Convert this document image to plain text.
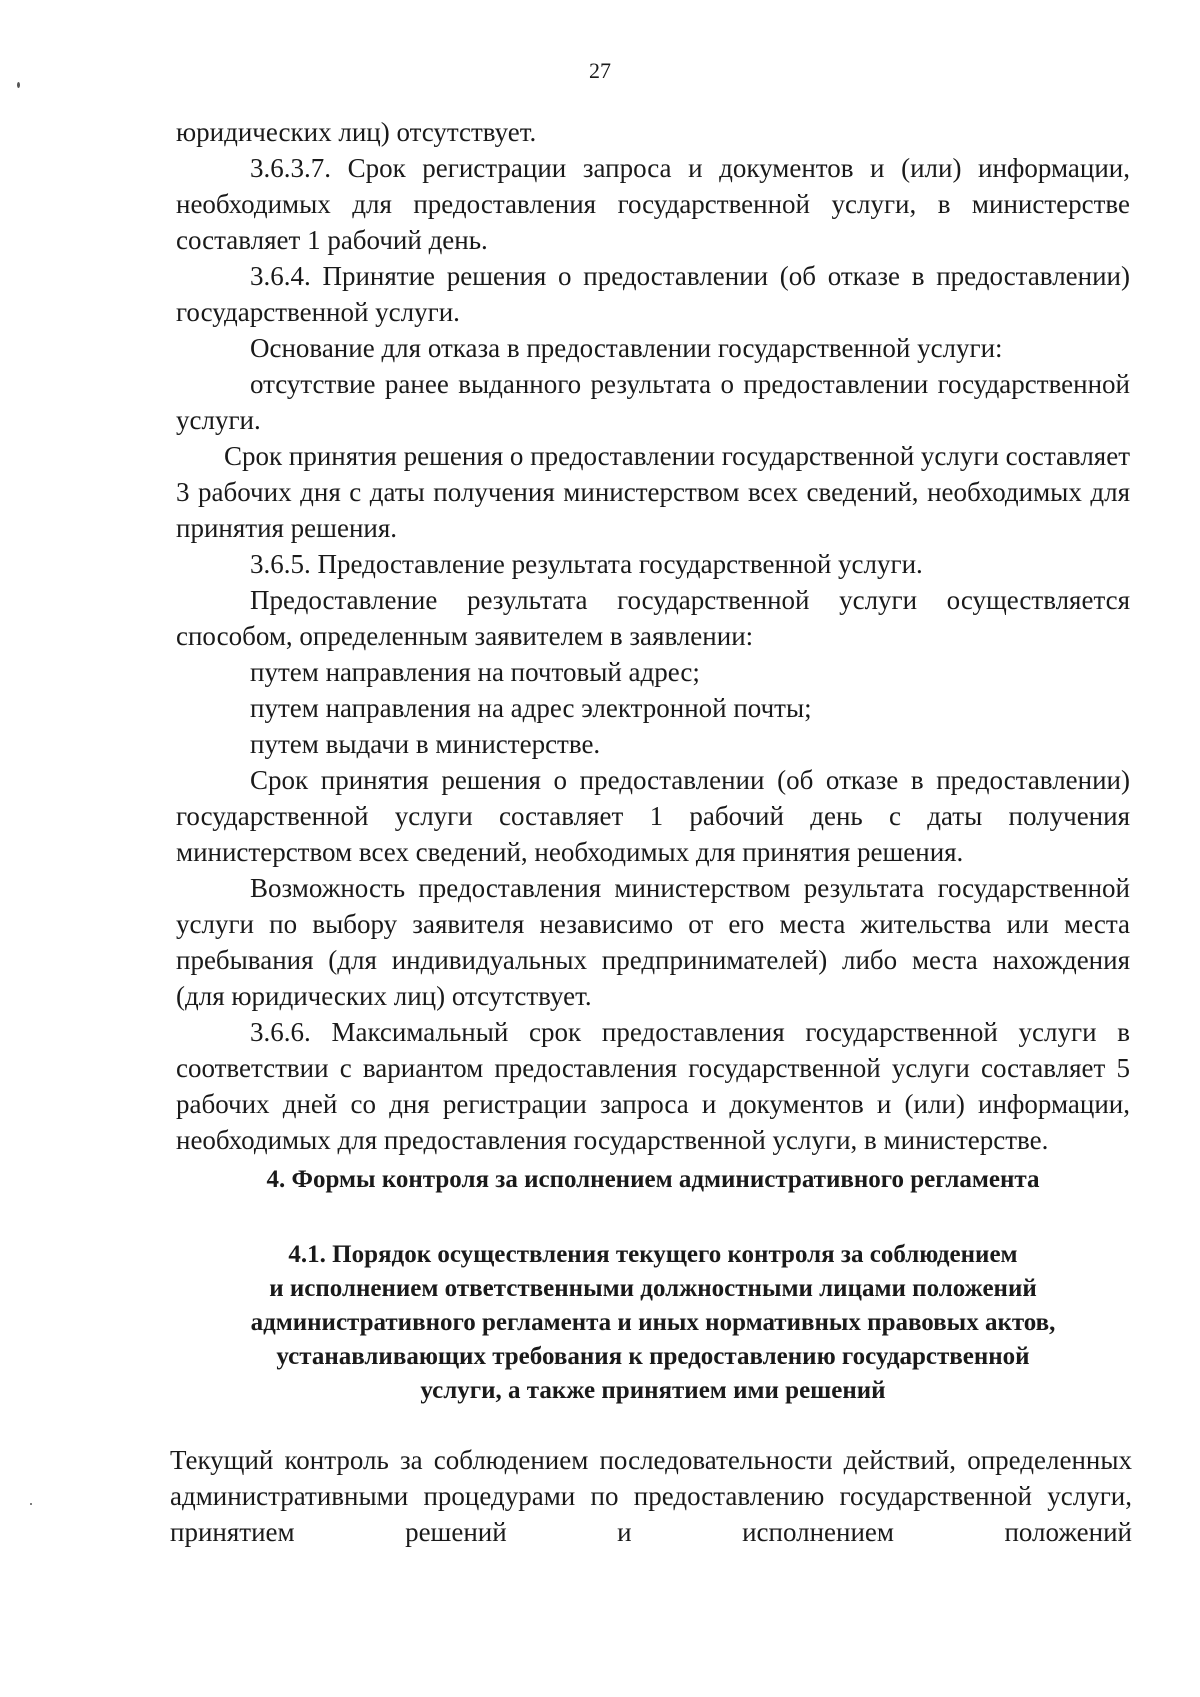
27

юридических лиц) отсутствует.

3.6.3.7. Срок регистрации запроса и документов и (или) информации, необходимых для предоставления государственной услуги, в министерстве составляет 1 рабочий день.

3.6.4. Принятие решения о предоставлении (об отказе в предоставлении) государственной услуги.

Основание для отказа в предоставлении государственной услуги:

отсутствие ранее выданного результата о предоставлении государственной услуги.

Срок принятия решения о предоставлении государственной услуги составляет 3 рабочих дня с даты получения министерством всех сведений, необходимых для принятия решения.

3.6.5. Предоставление результата государственной услуги.

Предоставление результата государственной услуги осуществляется способом, определенным заявителем в заявлении:

путем направления на почтовый адрес;

путем направления на адрес электронной почты;

путем выдачи в министерстве.

Срок принятия решения о предоставлении (об отказе в предоставлении) государственной услуги составляет 1 рабочий день с даты получения министерством всех сведений, необходимых для принятия решения.

Возможность предоставления министерством результата государственной услуги по выбору заявителя независимо от его места жительства или места пребывания (для индивидуальных предпринимателей) либо места нахождения (для юридических лиц) отсутствует.

3.6.6. Максимальный срок предоставления государственной услуги в соответствии с вариантом предоставления государственной услуги составляет 5 рабочих дней со дня регистрации запроса и документов и (или) информации, необходимых для предоставления государственной услуги, в министерстве.

4. Формы контроля за исполнением административного регламента
4.1. Порядок осуществления текущего контроля за соблюдением
и исполнением ответственными должностными лицами положений
административного регламента и иных нормативных правовых актов,
устанавливающих требования к предоставлению государственной
услуги, а также принятием ими решений

Текущий контроль за соблюдением последовательности действий, определенных административными процедурами по предоставлению государственной услуги, принятием решений и исполнением положений
